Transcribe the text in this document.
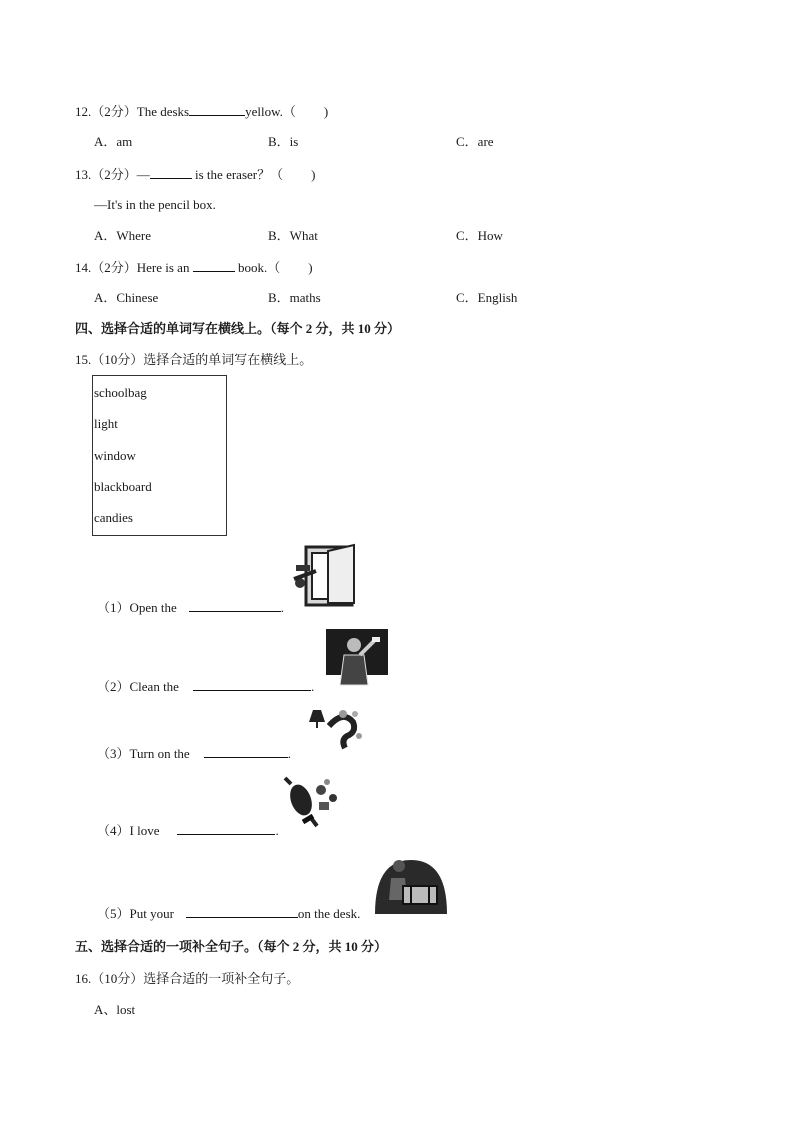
12.（2分）The desks	yellow.（ )
A．am	B．is	C．are
13.（2分）—	is the eraser？（ )
—It's in the pencil box.
A．Where	B．What	C．How
14.（2分）Here is an	book.（ )
A．Chinese	B．maths	C．English
四、选择合适的单词写在横线上。（每个 2 分，共 10 分）
15.（10分）选择合适的单词写在横线上。
schoolbag
light
window
blackboard
candies
（1）Open the	.
（2）Clean the	.
（3）Turn on the	.
（4）I love	.
（5）Put your	on the desk.
五、选择合适的一项补全句子。（每个 2 分，共 10 分）
16.（10分）选择合适的一项补全句子。
A、lost
